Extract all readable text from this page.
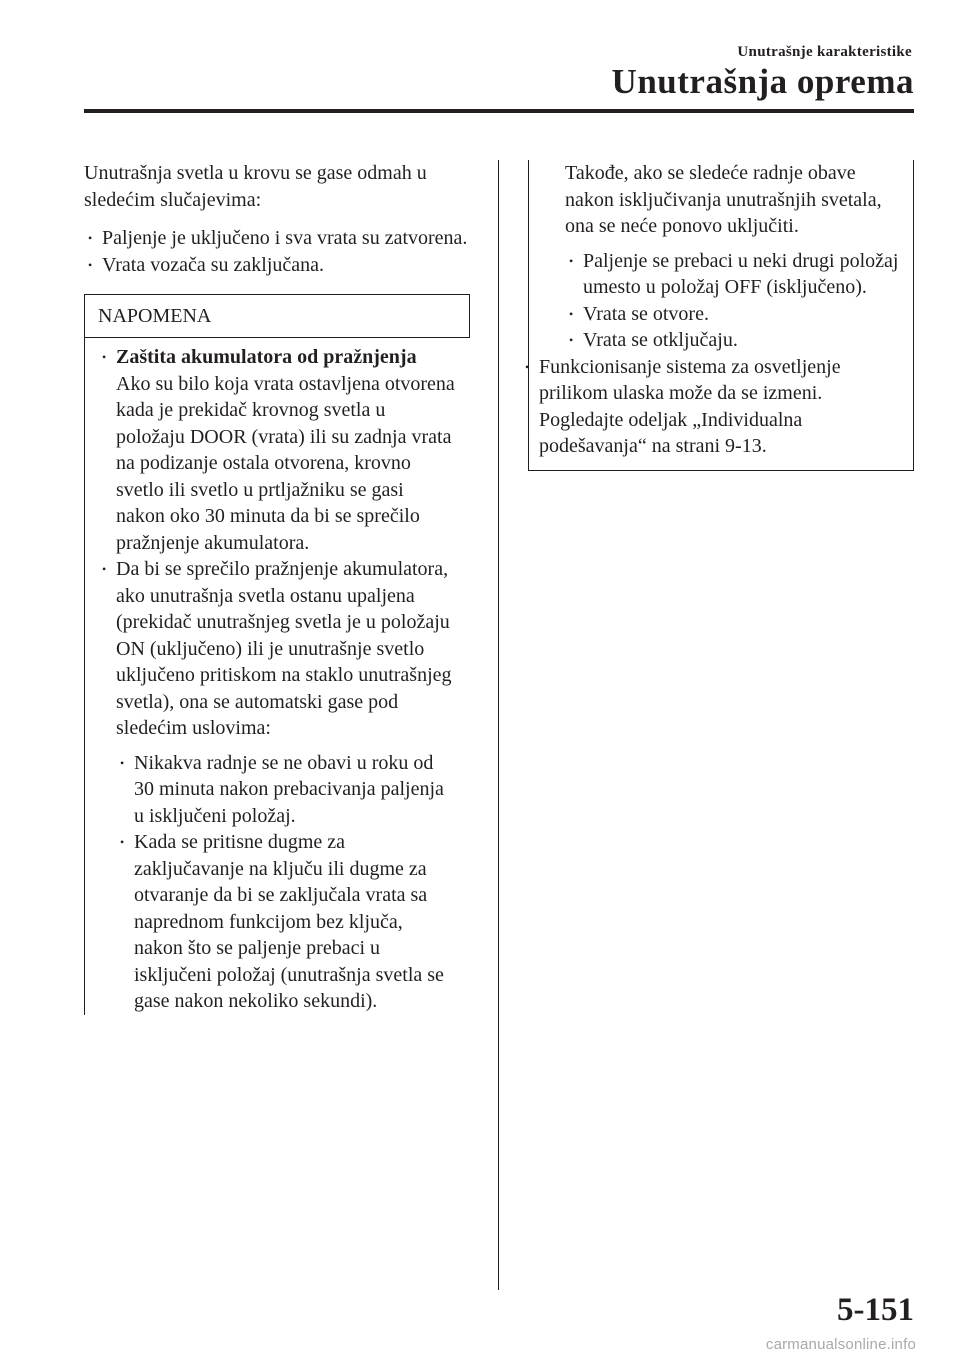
Unutrašnje karakteristike
Unutrašnja oprema

Unutrašnja svetla u krovu se gase odmah u sledećim slučajevima:

• Paljenje je uključeno i sva vrata su zatvorena.
• Vrata vozača su zaključana.
NAPOMENA
• Zaštita akumulatora od pražnjenja
Ako su bilo koja vrata ostavljena otvorena kada je prekidač krovnog svetla u položaju DOOR (vrata) ili su zadnja vrata na podizanje ostala otvorena, krovno svetlo ili svetlo u prtljažniku se gasi nakon oko 30 minuta da bi se sprečilo pražnjenje akumulatora.
• Da bi se sprečilo pražnjenje akumulatora, ako unutrašnja svetla ostanu upaljena (prekidač unutrašnjeg svetla je u položaju ON (uključeno) ili je unutrašnje svetlo uključeno pritiskom na staklo unutrašnjeg svetla), ona se automatski gase pod sledećim uslovima:
• Nikakva radnje se ne obavi u roku od 30 minuta nakon prebacivanja paljenja u isključeni položaj.
• Kada se pritisne dugme za zaključavanje na ključu ili dugme za otvaranje da bi se zaključala vrata sa naprednom funkcijom bez ključa, nakon što se paljenje prebaci u isključeni položaj (unutrašnja svetla se gase nakon nekoliko sekundi).

Takođe, ako se sledeće radnje obave nakon isključivanja unutrašnjih svetala, ona se neće ponovo uključiti.

• Paljenje se prebaci u neki drugi položaj umesto u položaj OFF (isključeno).
• Vrata se otvore.
• Vrata se otključaju.
• Funkcionisanje sistema za osvetljenje prilikom ulaska može da se izmeni. Pogledajte odeljak „Individualna podešavanja“ na strani 9-13.
5-151
carmanualsonline.info
